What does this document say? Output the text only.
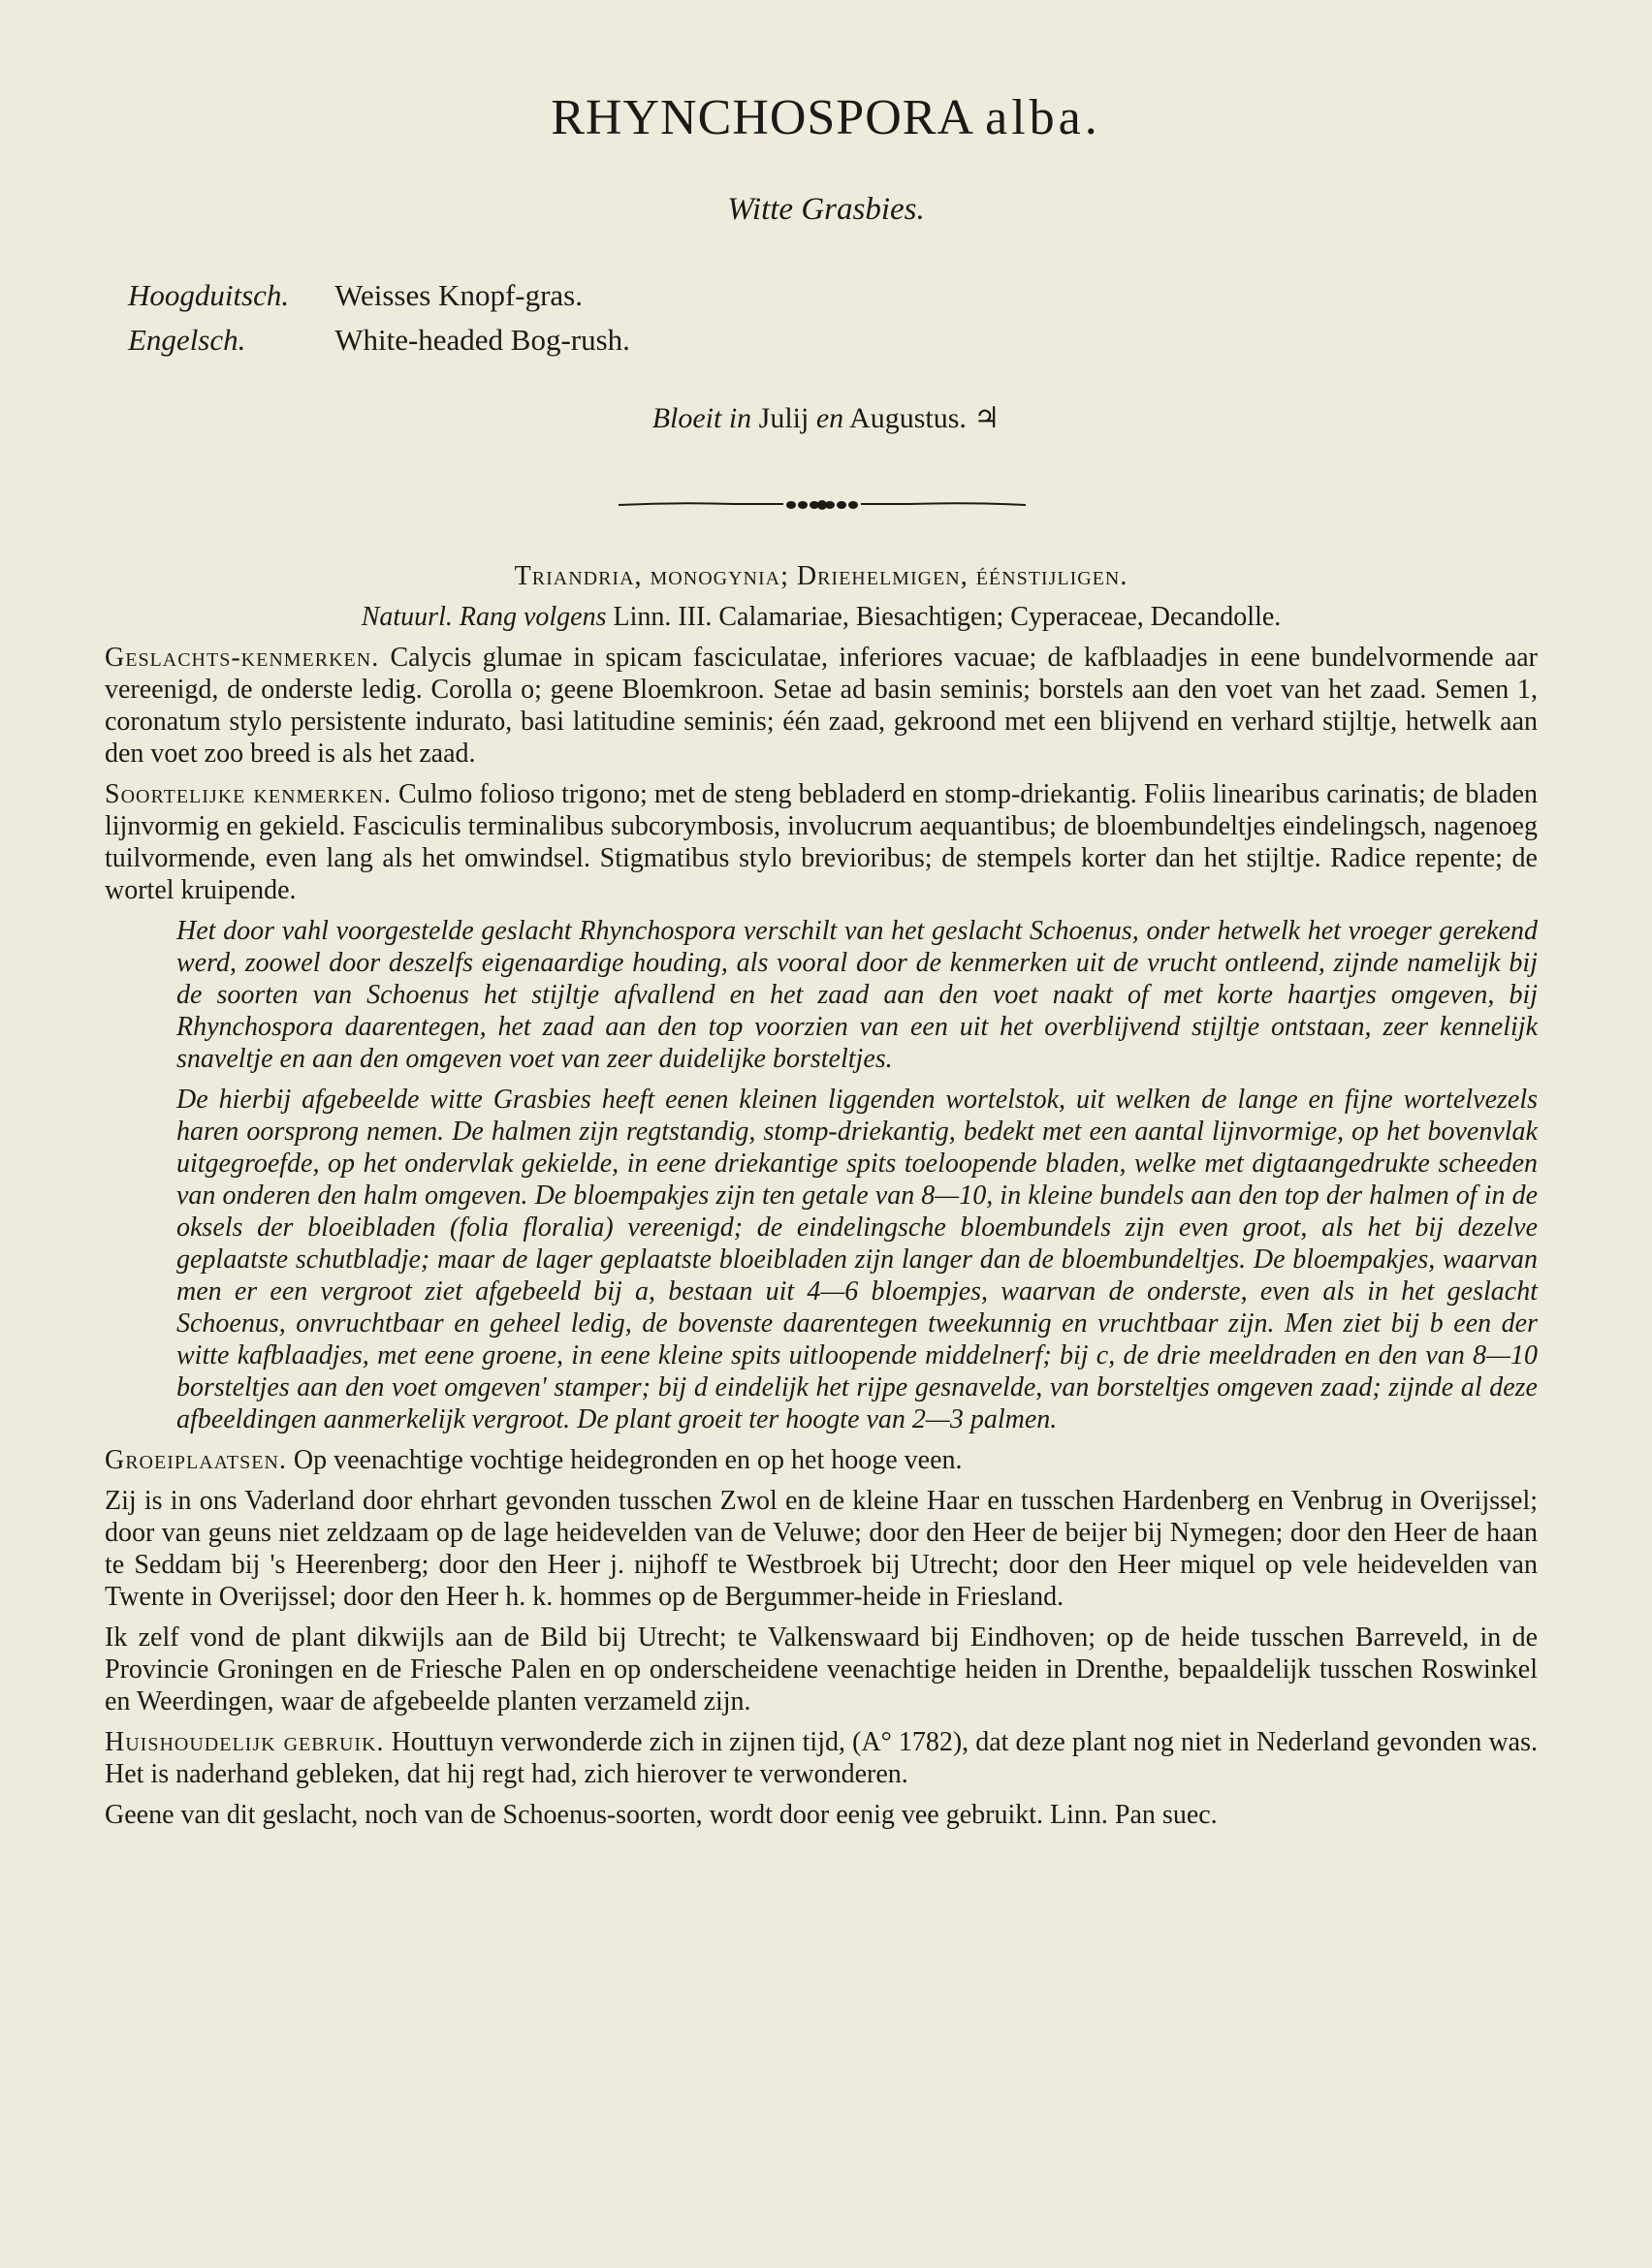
RHYNCHOSPORA alba.
Witte Grasbies.
Hoogduitsch. Weisses Knopf-gras.
Engelsch.	White-headed Bog-rush.
Bloeit in Julij en Augustus. ♃

Triandria, monogynia; Driehelmigen, éénstijligen.

Natuurl. Rang volgens Linn. III. Calamariae, Biesachtigen; Cyperaceae, Decandolle.

Geslachts-kenmerken. Calycis glumae in spicam fasciculatae, inferiores vacuae; de kafblaadjes in eene bundelvormende aar vereenigd, de onderste ledig. Corolla o; geene Bloemkroon. Setae ad basin seminis; borstels aan den voet van het zaad. Semen 1, coronatum stylo persistente indurato, basi latitudine seminis; één zaad, gekroond met een blijvend en verhard stijltje, hetwelk aan den voet zoo breed is als het zaad.

Soortelijke kenmerken. Culmo folioso trigono; met de steng bebladerd en stomp-driekantig. Foliis linearibus carinatis; de bladen lijnvormig en gekield. Fasciculis terminalibus subcorymbosis, involucrum aequantibus; de bloembundeltjes eindelingsch, nagenoeg tuilvormende, even lang als het omwindsel. Stigmatibus stylo brevioribus; de stempels korter dan het stijltje. Radice repente; de wortel kruipende.

Het door vahl voorgestelde geslacht Rhynchospora verschilt van het geslacht Schoenus, onder hetwelk het vroeger gerekend werd, zoowel door deszelfs eigenaardige houding, als vooral door de kenmerken uit de vrucht ontleend, zijnde namelijk bij de soorten van Schoenus het stijltje afvallend en het zaad aan den voet naakt of met korte haartjes omgeven, bij Rhynchospora daarentegen, het zaad aan den top voorzien van een uit het overblijvend stijltje ontstaan, zeer kennelijk snaveltje en aan den omgeven voet van zeer duidelijke borsteltjes.

De hierbij afgebeelde witte Grasbies heeft eenen kleinen liggenden wortelstok, uit welken de lange en fijne wortelvezels haren oorsprong nemen. De halmen zijn regtstandig, stomp-driekantig, bedekt met een aantal lijnvormige, op het bovenvlak uitgegroefde, op het ondervlak gekielde, in eene driekantige spits toeloopende bladen, welke met digtaangedrukte scheeden van onderen den halm omgeven. De bloempakjes zijn ten getale van 8—10, in kleine bundels aan den top der halmen of in de oksels der bloeibladen (folia floralia) vereenigd; de eindelingsche bloembundels zijn even groot, als het bij dezelve geplaatste schutbladje; maar de lager geplaatste bloeibladen zijn langer dan de bloembundeltjes. De bloempakjes, waarvan men er een vergroot ziet afgebeeld bij a, bestaan uit 4—6 bloempjes, waarvan de onderste, even als in het geslacht Schoenus, onvruchtbaar en geheel ledig, de bovenste daarentegen tweekunnig en vruchtbaar zijn. Men ziet bij b een der witte kafblaadjes, met eene groene, in eene kleine spits uitloopende middelnerf; bij c, de drie meeldraden en den van 8—10 borsteltjes aan den voet omgeven' stamper; bij d eindelijk het rijpe gesnavelde, van borsteltjes omgeven zaad; zijnde al deze afbeeldingen aanmerkelijk vergroot. De plant groeit ter hoogte van 2—3 palmen.

Groeiplaatsen. Op veenachtige vochtige heidegronden en op het hooge veen.

Zij is in ons Vaderland door ehrhart gevonden tusschen Zwol en de kleine Haar en tusschen Hardenberg en Venbrug in Overijssel; door van geuns niet zeldzaam op de lage heidevelden van de Veluwe; door den Heer de beijer bij Nymegen; door den Heer de haan te Seddam bij 's Heerenberg; door den Heer j. nijhoff te Westbroek bij Utrecht; door den Heer miquel op vele heidevelden van Twente in Overijssel; door den Heer h. k. hommes op de Bergummer-heide in Friesland.

Ik zelf vond de plant dikwijls aan de Bild bij Utrecht; te Valkenswaard bij Eindhoven; op de heide tusschen Barreveld, in de Provincie Groningen en de Friesche Palen en op onderscheidene veenachtige heiden in Drenthe, bepaaldelijk tusschen Roswinkel en Weerdingen, waar de afgebeelde planten verzameld zijn.

Huishoudelijk gebruik. Houttuyn verwonderde zich in zijnen tijd, (A° 1782), dat deze plant nog niet in Nederland gevonden was. Het is naderhand gebleken, dat hij regt had, zich hierover te verwonderen.

Geene van dit geslacht, noch van de Schoenus-soorten, wordt door eenig vee gebruikt. Linn. Pan suec.
